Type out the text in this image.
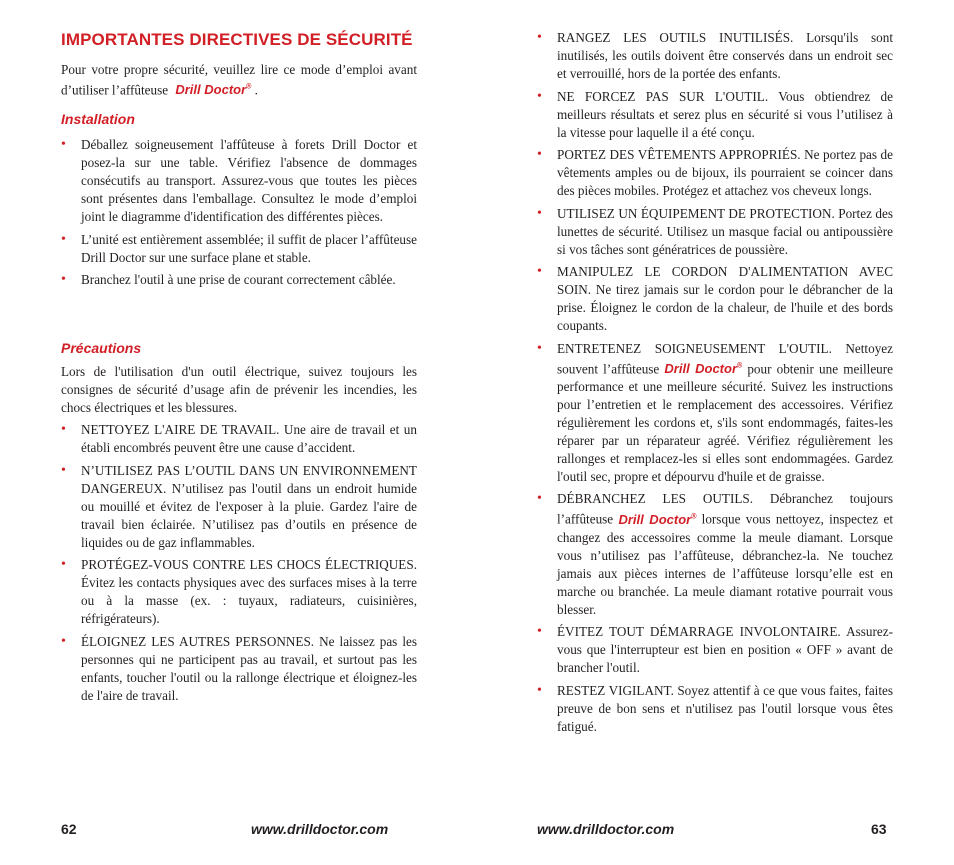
IMPORTANTES DIRECTIVES DE SÉCURITÉ

Pour votre propre sécurité, veuillez lire ce mode d’emploi avant d’utiliser l’affûteuse Drill Doctor® .

Installation
• Déballez soigneusement l'affûteuse à forets Drill Doctor et posez-la sur une table. Vérifiez l'absence de dommages consécutifs au transport. Assurez-vous que toutes les pièces sont présentes dans l'emballage. Consultez le mode d’emploi joint le diagramme d'identification des différentes pièces.
• L’unité est entièrement assemblée; il suffit de placer l’affûteuse Drill Doctor sur une surface plane et stable.
• Branchez l'outil à une prise de courant correctement câblée.
Précautions

Lors de l'utilisation d'un outil électrique, suivez toujours les consignes de sécurité d’usage afin de prévenir les incendies, les chocs électriques et les blessures.

• NETTOYEZ L'AIRE DE TRAVAIL. Une aire de travail et un établi encombrés peuvent être une cause d’accident.
• N’UTILISEZ PAS L’OUTIL DANS UN ENVIRONNEMENT DANGEREUX. N’utilisez pas l'outil dans un endroit humide ou mouillé et évitez de l'exposer à la pluie. Gardez l'aire de travail bien éclairée. N’utilisez pas d’outils en présence de liquides ou de gaz inflammables.
• PROTÉGEZ-VOUS CONTRE LES CHOCS ÉLECTRIQUES. Évitez les contacts physiques avec des surfaces mises à la terre ou à la masse (ex. : tuyaux, radiateurs, cuisinières, réfrigérateurs).
• ÉLOIGNEZ LES AUTRES PERSONNES. Ne laissez pas les personnes qui ne participent pas au travail, et surtout pas les enfants, toucher l'outil ou la rallonge électrique et éloignez-les de l'aire de travail.
• RANGEZ LES OUTILS INUTILISÉS. Lorsqu'ils sont inutilisés, les outils doivent être conservés dans un endroit sec et verrouillé, hors de la portée des enfants.
• NE FORCEZ PAS SUR L'OUTIL. Vous obtiendrez de meilleurs résultats et serez plus en sécurité si vous l’utilisez à la vitesse pour laquelle il a été conçu.
• PORTEZ DES VÊTEMENTS APPROPRIÉS. Ne portez pas de vêtements amples ou de bijoux, ils pourraient se coincer dans des pièces mobiles. Protégez et attachez vos cheveux longs.
• UTILISEZ UN ÉQUIPEMENT DE PROTECTION. Portez des lunettes de sécurité. Utilisez un masque facial ou antipoussière si vos tâches sont génératrices de poussière.
• MANIPULEZ LE CORDON D'ALIMENTATION AVEC SOIN. Ne tirez jamais sur le cordon pour le débrancher de la prise. Éloignez le cordon de la chaleur, de l'huile et des bords coupants.
• ENTRETENEZ SOIGNEUSEMENT L'OUTIL. Nettoyez souvent l’affûteuse Drill Doctor® pour obtenir une meilleure performance et une meilleure sécurité. Suivez les instructions pour l’entretien et le remplacement des accessoires. Vérifiez régulièrement les cordons et, s'ils sont endommagés, faites-les réparer par un réparateur agréé. Vérifiez régulièrement les rallonges et remplacez-les si elles sont endommagées. Gardez l'outil sec, propre et dépourvu d'huile et de graisse.
• DÉBRANCHEZ LES OUTILS. Débranchez toujours l’affûteuse Drill Doctor® lorsque vous nettoyez, inspectez et changez des accessoires comme la meule diamant. Lorsque vous n’utilisez pas l’affûteuse, débranchez-la. Ne touchez jamais aux pièces internes de l’affûteuse lorsqu’elle est en marche ou branchée. La meule diamant rotative pourrait vous blesser.
• ÉVITEZ TOUT DÉMARRAGE INVOLONTAIRE. Assurez-vous que l'interrupteur est bien en position « OFF » avant de brancher l'outil.
• RESTEZ VIGILANT. Soyez attentif à ce que vous faites, faites preuve de bon sens et n'utilisez pas l'outil lorsque vous êtes fatigué.
62	www.drilldoctor.com	www.drilldoctor.com	63
